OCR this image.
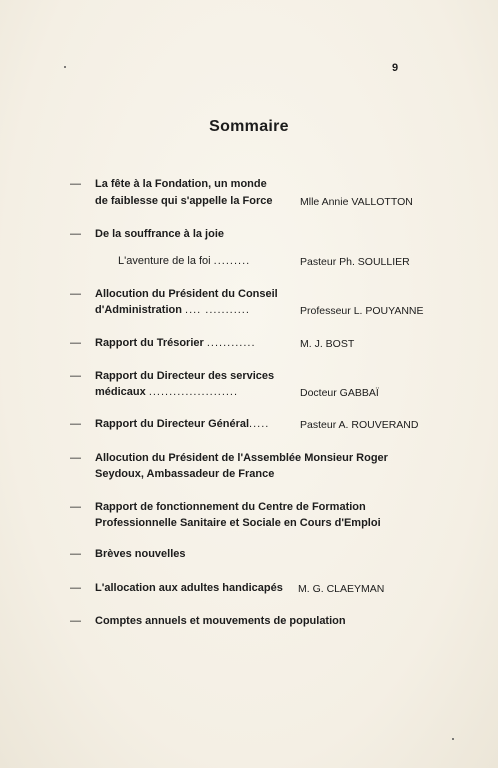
9
Sommaire
— La fête à la Fondation, un monde
de faiblesse qui s'appelle la Force	Mlle Annie VALLOTTON
— De la souffrance à la joie
L'aventure de la foi .........	Pasteur Ph. SOULLIER
— Allocution du Président du Conseil
d'Administration .... ...........	Professeur L. POUYANNE
— Rapport du Trésorier ............	M. J. BOST
— Rapport du Directeur des services
médicaux ......................	Docteur GABBAÏ
— Rapport du Directeur Général.....	Pasteur A. ROUVERAND
— Allocution du Président de l'Assemblée Monsieur Roger
Seydoux, Ambassadeur de France
— Rapport de fonctionnement du Centre de Formation
Professionnelle Sanitaire et Sociale en Cours d'Emploi
— Brèves nouvelles
— L'allocation aux adultes handicapés M. G. CLAEYMAN
— Comptes annuels et mouvements de population
